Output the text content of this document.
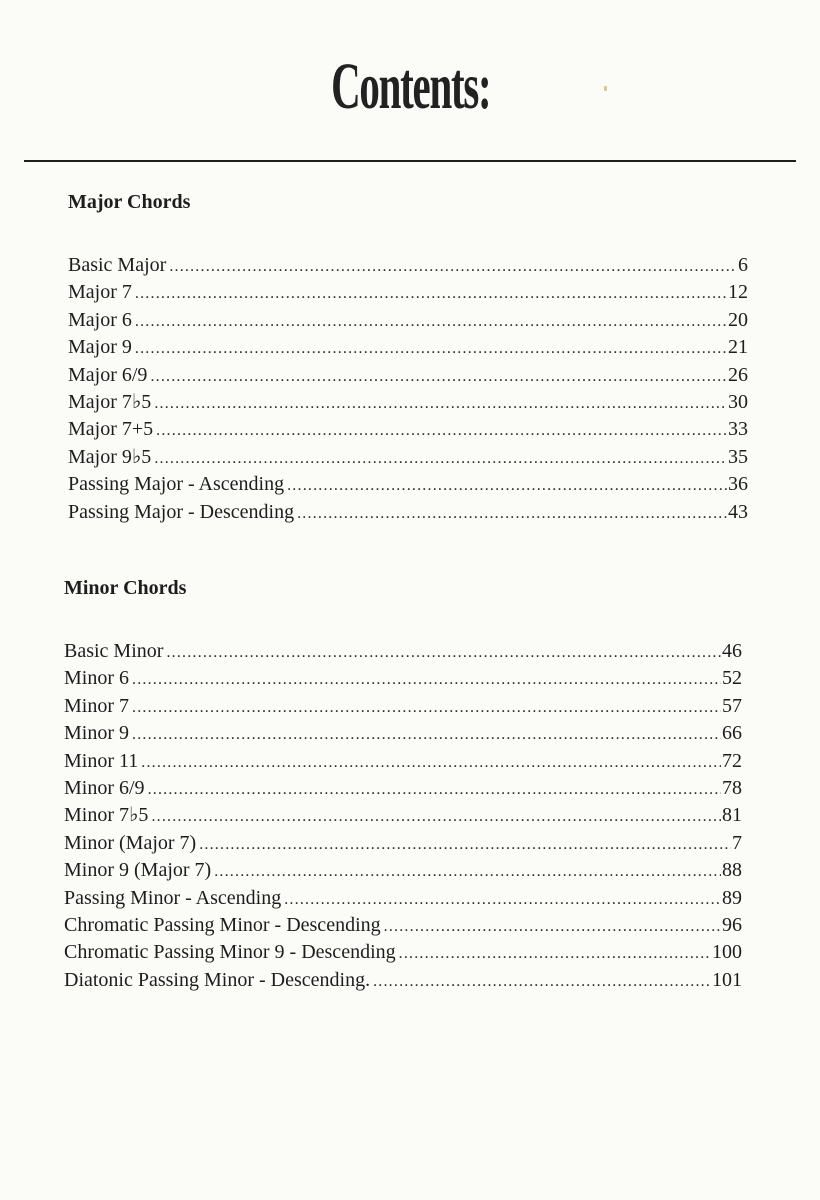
Contents:
Major Chords
Basic Major .....	6
Major 7 .....	12
Major 6 .....	20
Major 9 .....	21
Major 6/9 .....	26
Major 7♭5 .....	30
Major 7+5 .....	33
Major 9♭5 .....	35
Passing Major - Ascending .....	36
Passing Major - Descending .....	43
Minor Chords
Basic Minor .....	46
Minor 6 .....	52
Minor 7 .....	57
Minor 9 .....	66
Minor 11 .....	72
Minor 6/9 .....	78
Minor 7♭5 .....	81
Minor (Major 7) .....	7
Minor 9 (Major 7) .....	88
Passing Minor - Ascending .....	89
Chromatic Passing Minor - Descending .....	96
Chromatic Passing Minor 9 - Descending .....	100
Diatonic Passing Minor - Descending. .....	101
